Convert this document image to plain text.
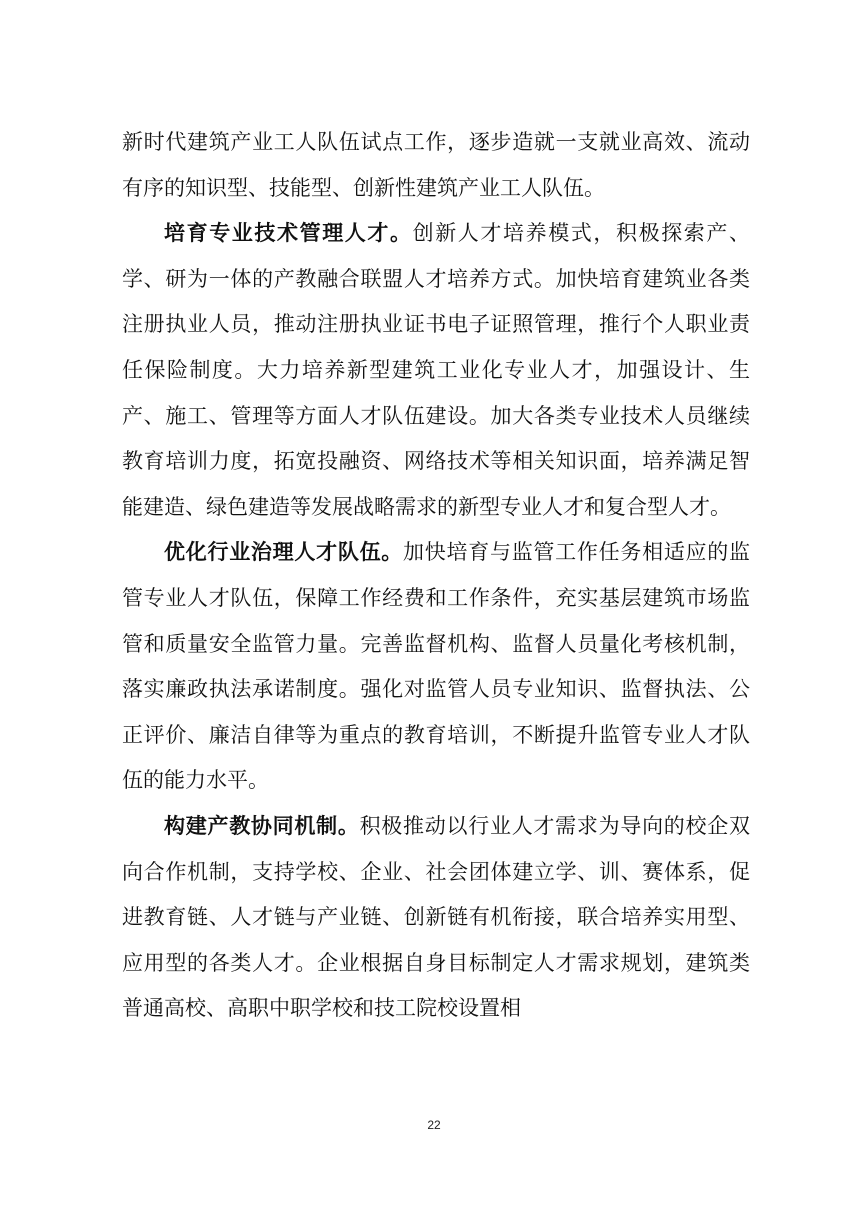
新时代建筑产业工人队伍试点工作，逐步造就一支就业高效、流动有序的知识型、技能型、创新性建筑产业工人队伍。

培育专业技术管理人才。创新人才培养模式，积极探索产、学、研为一体的产教融合联盟人才培养方式。加快培育建筑业各类注册执业人员，推动注册执业证书电子证照管理，推行个人职业责任保险制度。大力培养新型建筑工业化专业人才，加强设计、生产、施工、管理等方面人才队伍建设。加大各类专业技术人员继续教育培训力度，拓宽投融资、网络技术等相关知识面，培养满足智能建造、绿色建造等发展战略需求的新型专业人才和复合型人才。

优化行业治理人才队伍。加快培育与监管工作任务相适应的监管专业人才队伍，保障工作经费和工作条件，充实基层建筑市场监管和质量安全监管力量。完善监督机构、监督人员量化考核机制，落实廉政执法承诺制度。强化对监管人员专业知识、监督执法、公正评价、廉洁自律等为重点的教育培训，不断提升监管专业人才队伍的能力水平。

构建产教协同机制。积极推动以行业人才需求为导向的校企双向合作机制，支持学校、企业、社会团体建立学、训、赛体系，促进教育链、人才链与产业链、创新链有机衔接，联合培养实用型、应用型的各类人才。企业根据自身目标制定人才需求规划，建筑类普通高校、高职中职学校和技工院校设置相

22
